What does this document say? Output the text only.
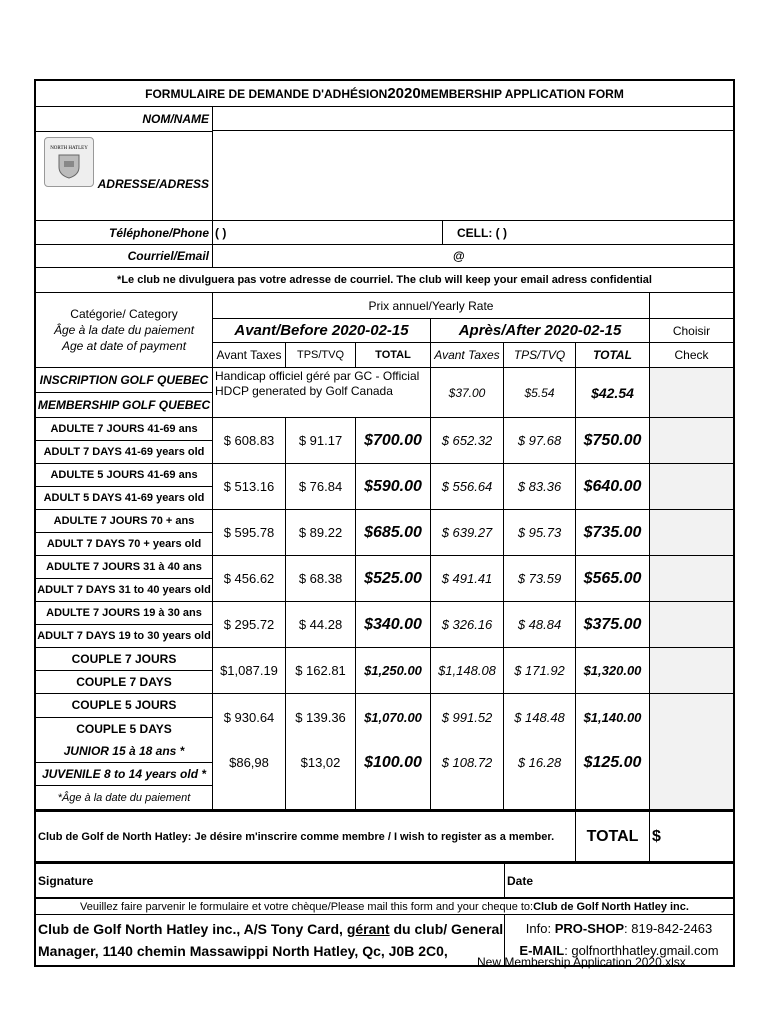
FORMULAIRE DE DEMANDE D'ADHÉSION 2020 MEMBERSHIP APPLICATION FORM
NORTH HATLEY
NOM/NAME
ADRESSE/ADRESS
Téléphone/Phone ( )	CELL: ( )
Courriel/Email	@
*Le club ne divulguera pas votre adresse de courriel. The club will keep your email adress confidential
Catégorie/ Category
Âge à la date du paiement
Age at date of payment
Prix annuel/Yearly Rate
Avant/Before 2020-02-15	Après/After 2020-02-15	Choisir
Avant Taxes	TPS/TVQ	TOTAL	Avant Taxes	TPS/TVQ	TOTAL	Check
INSCRIPTION GOLF QUEBEC
MEMBERSHIP GOLF QUEBEC
Handicap officiel géré par GC - Official HDCP generated by Golf Canada	$37.00	$5.54	$42.54
ADULTE 7 JOURS 41-69 ans
ADULT 7 DAYS 41-69 years old
$ 608.83	$ 91.17	$700.00	$ 652.32	$ 97.68	$750.00
ADULTE 5 JOURS 41-69 ans
ADULT 5 DAYS 41-69 years old
$ 513.16	$ 76.84	$590.00	$ 556.64	$ 83.36	$640.00
ADULTE 7 JOURS 70 + ans
ADULT 7 DAYS 70 + years old
$ 595.78	$ 89.22	$685.00	$ 639.27	$ 95.73	$735.00
ADULTE 7 JOURS 31 à 40 ans
ADULT 7 DAYS 31 to 40 years old
$ 456.62	$ 68.38	$525.00	$ 491.41	$ 73.59	$565.00
ADULTE 7 JOURS 19 à 30 ans
ADULT 7 DAYS 19 to 30 years old
$ 295.72	$ 44.28	$340.00	$ 326.16	$ 48.84	$375.00
COUPLE 7 JOURS
COUPLE 7 DAYS
$1,087.19	$ 162.81	$1,250.00	$1,148.08	$ 171.92	$1,320.00
COUPLE 5 JOURS
COUPLE 5 DAYS
$ 930.64	$ 139.36	$1,070.00	$ 991.52	$ 148.48	$1,140.00
JUNIOR 15 à 18 ans *
JUVENILE 8 to 14 years old *
*Âge à la date du paiement
$86,98	$13,02	$100.00	$ 108.72	$ 16.28	$125.00
Club de Golf de North Hatley: Je désire m'inscrire comme membre / I wish to register as a member.	TOTAL $
Signature	Date
Veuillez faire parvenir le formulaire et votre chèque/Please mail this form and your cheque to: Club de Golf North Hatley inc.
Club de Golf North Hatley inc., A/S Tony Card, gérant du club/ General
Manager, 1140 chemin Massawippi North Hatley, Qc, J0B 2C0,
Info: PRO-SHOP: 819-842-2463
E-MAIL: golfnorthhatley.gmail.com
New Membership Application 2020.xlsx
